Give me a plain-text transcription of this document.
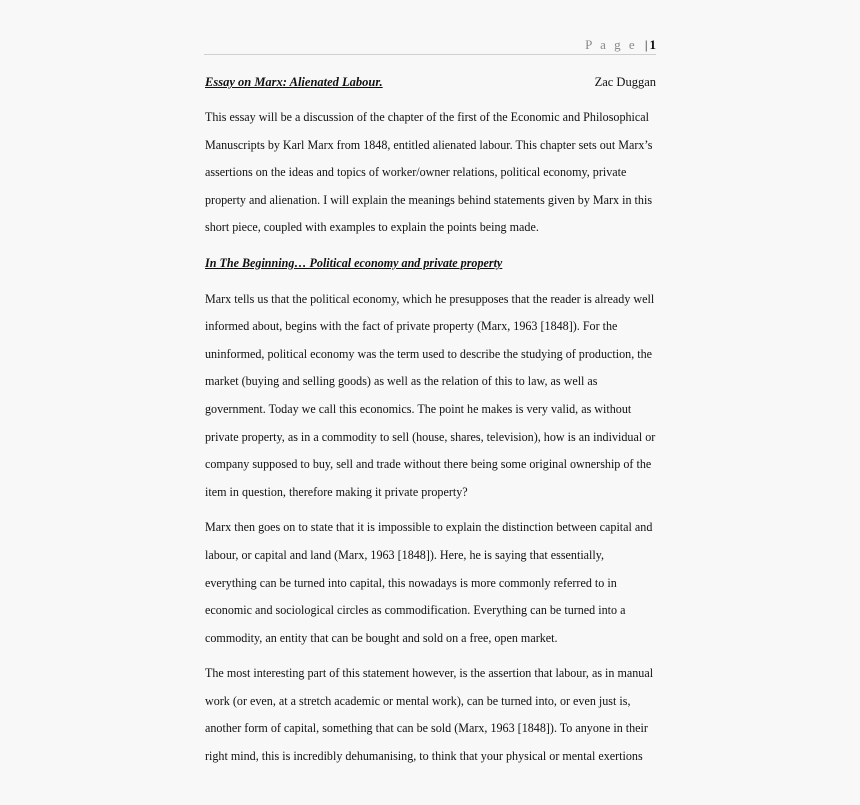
P a g e | 1
Essay on Marx: Alienated Labour.	Zac Duggan
This essay will be a discussion of the chapter of the first of the Economic and Philosophical
Manuscripts by Karl Marx from 1848, entitled alienated labour. This chapter sets out Marx’s
assertions on the ideas and topics of worker/owner relations, political economy, private
property and alienation. I will explain the meanings behind statements given by Marx in this
short piece, coupled with examples to explain the points being made.
In The Beginning… Political economy and private property
Marx tells us that the political economy, which he presupposes that the reader is already well
informed about, begins with the fact of private property (Marx, 1963 [1848]). For the
uninformed, political economy was the term used to describe the studying of production, the
market (buying and selling goods) as well as the relation of this to law, as well as
government. Today we call this economics. The point he makes is very valid, as without
private property, as in a commodity to sell (house, shares, television), how is an individual or
company supposed to buy, sell and trade without there being some original ownership of the
item in question, therefore making it private property?
Marx then goes on to state that it is impossible to explain the distinction between capital and
labour, or capital and land (Marx, 1963 [1848]). Here, he is saying that essentially,
everything can be turned into capital, this nowadays is more commonly referred to in
economic and sociological circles as commodification. Everything can be turned into a
commodity, an entity that can be bought and sold on a free, open market.
The most interesting part of this statement however, is the assertion that labour, as in manual
work (or even, at a stretch academic or mental work), can be turned into, or even just is,
another form of capital, something that can be sold (Marx, 1963 [1848]). To anyone in their
right mind, this is incredibly dehumanising, to think that your physical or mental exertions
